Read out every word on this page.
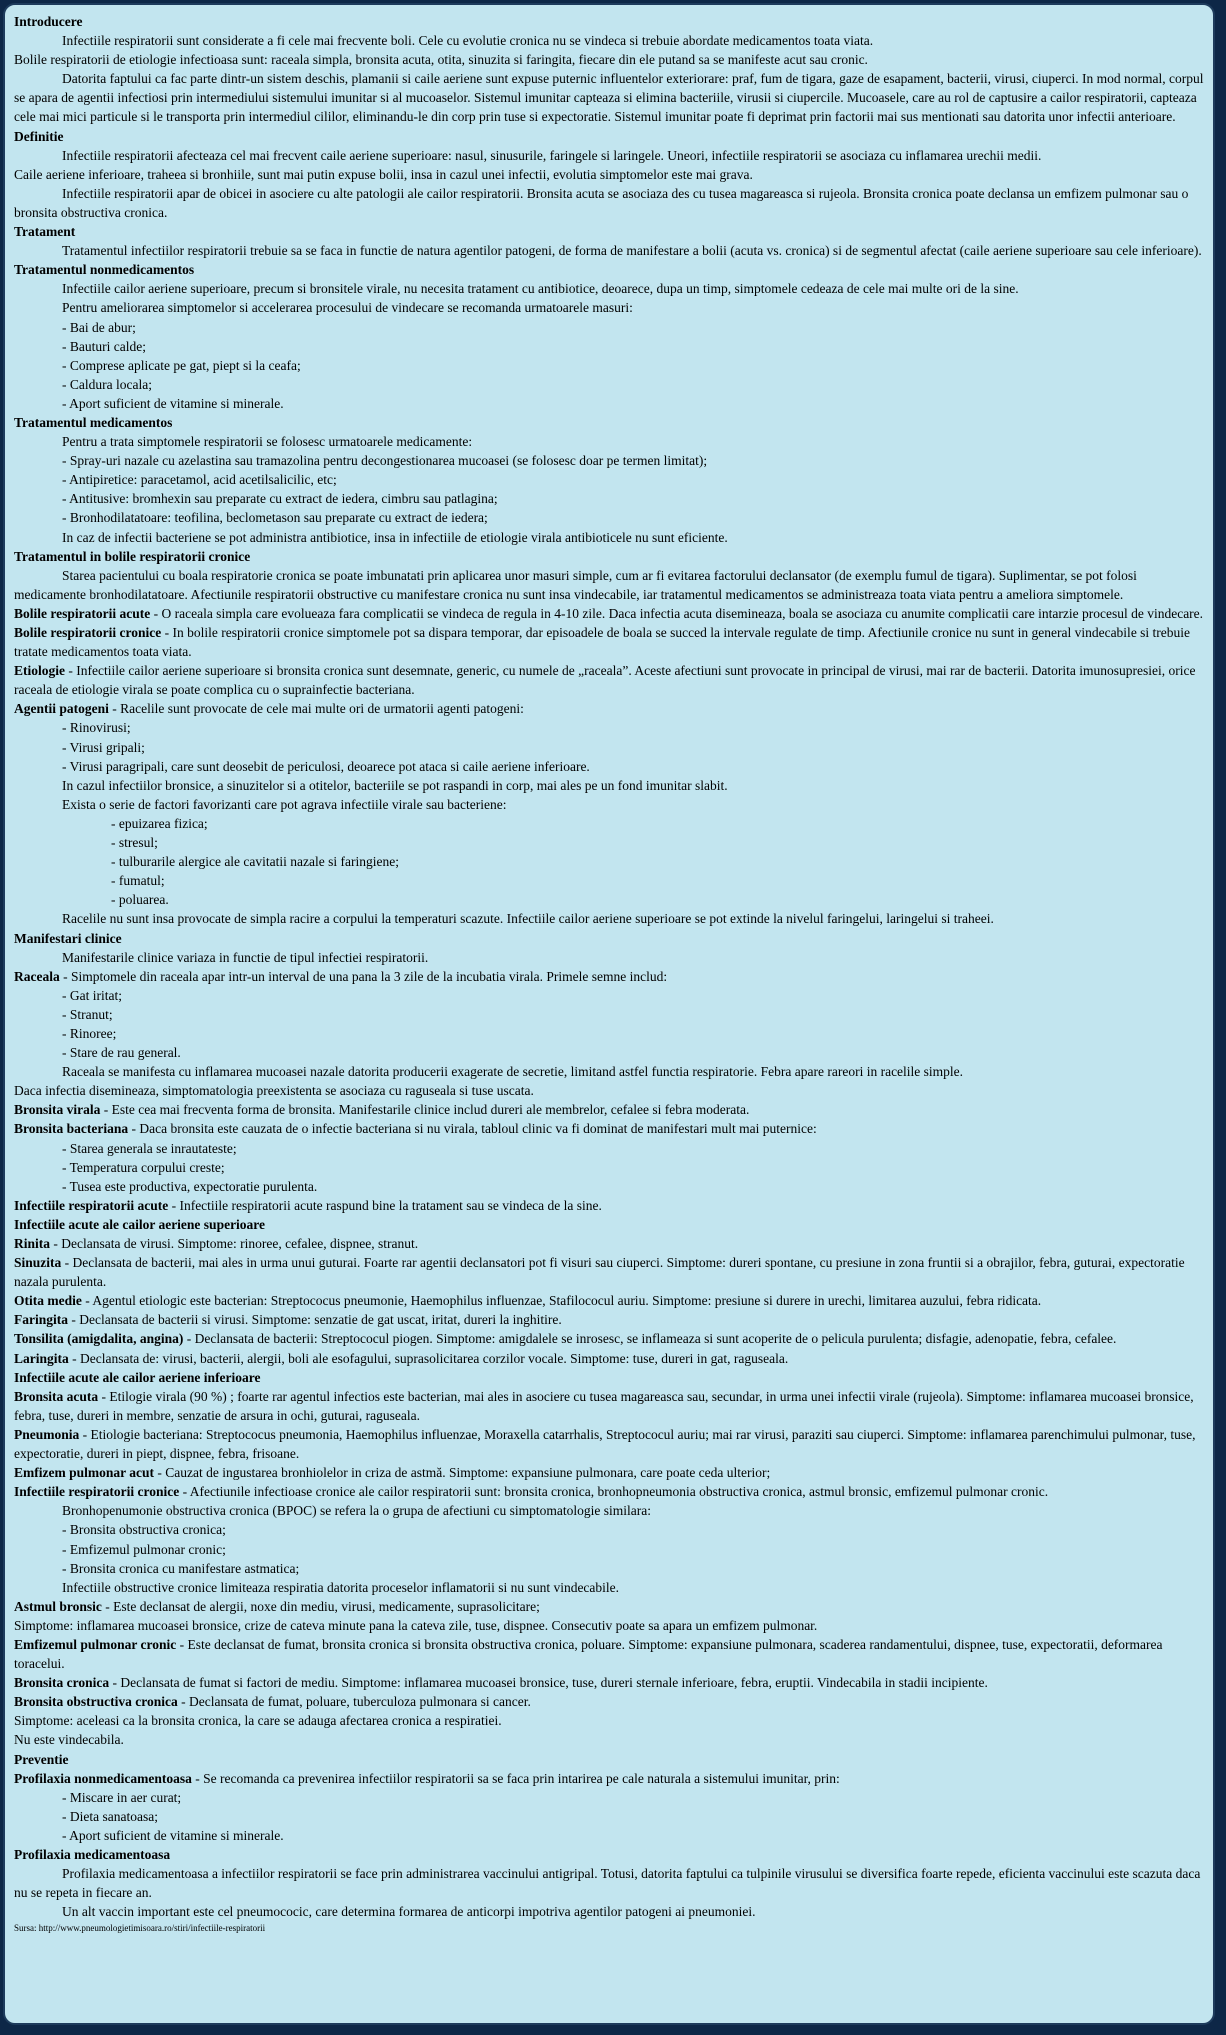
Introducere

Infectiile respiratorii sunt considerate a fi cele mai frecvente boli. Cele cu evolutie cronica nu se vindeca si trebuie abordate medicamentos toata viata.

Bolile respiratorii de etiologie infectioasa sunt: raceala simpla, bronsita acuta, otita, sinuzita si faringita, fiecare din ele putand sa se manifeste acut sau cronic.

Datorita faptului ca fac parte dintr-un sistem deschis, plamanii si caile aeriene sunt expuse puternic influentelor exteriorare: praf, fum de tigara, gaze de esapament, bacterii, virusi, ciuperci. In mod normal, corpul se apara de agentii infectiosi prin intermediului sistemului imunitar si al mucoaselor. Sistemul imunitar capteaza si elimina bacteriile, virusii si ciupercile. Mucoasele, care au rol de captusire a cailor respiratorii, capteaza cele mai mici particule si le transporta prin intermediul cililor, eliminandu-le din corp prin tuse si expectoratie. Sistemul imunitar poate fi deprimat prin factorii mai sus mentionati sau datorita unor infectii anterioare.

Definitie

Infectiile respiratorii afecteaza cel mai frecvent caile aeriene superioare: nasul, sinusurile, faringele si laringele. Uneori, infectiile respiratorii se asociaza cu inflamarea urechii medii.

Caile aeriene inferioare, traheea si bronhiile, sunt mai putin expuse bolii, insa in cazul unei infectii, evolutia simptomelor este mai grava.

Infectiile respiratorii apar de obicei in asociere cu alte patologii ale cailor respiratorii. Bronsita acuta se asociaza des cu tusea magareasca si rujeola. Bronsita cronica poate declansa un emfizem pulmonar sau o bronsita obstructiva cronica.

Tratament

Tratamentul infectiilor respiratorii trebuie sa se faca in functie de natura agentilor patogeni, de forma de manifestare a bolii (acuta vs. cronica) si de segmentul afectat (caile aeriene superioare sau cele inferioare).

Tratamentul nonmedicamentos

Infectiile cailor aeriene superioare, precum si bronsitele virale, nu necesita tratament cu antibiotice, deoarece, dupa un timp, simptomele cedeaza de cele mai multe ori de la sine.

Pentru ameliorarea simptomelor si accelerarea procesului de vindecare se recomanda urmatoarele masuri:

- Bai de abur;

- Bauturi calde;

- Comprese aplicate pe gat, piept si la ceafa;

- Caldura locala;

- Aport suficient de vitamine si minerale.

Tratamentul medicamentos

Pentru a trata simptomele respiratorii se folosesc urmatoarele medicamente:

- Spray-uri nazale cu azelastina sau tramazolina pentru decongestionarea mucoasei (se folosesc doar pe termen limitat);

- Antipiretice: paracetamol, acid acetilsalicilic, etc;

- Antitusive: bromhexin sau preparate cu extract de iedera, cimbru sau patlagina;

- Bronhodilatatoare: teofilina, beclometason sau preparate cu extract de iedera;

In caz de infectii bacteriene se pot administra antibiotice, insa in infectiile de etiologie virala antibioticele nu sunt eficiente.

Tratamentul in bolile respiratorii cronice

Starea pacientului cu boala respiratorie cronica se poate imbunatati prin aplicarea unor masuri simple, cum ar fi evitarea factorului declansator (de exemplu fumul de tigara). Suplimentar, se pot folosi medicamente bronhodilatatoare. Afectiunile respiratorii obstructive cu manifestare cronica nu sunt insa vindecabile, iar tratamentul medicamentos se administreaza toata viata pentru a ameliora simptomele.

Bolile respiratorii acute - O raceala simpla care evolueaza fara complicatii se vindeca de regula in 4-10 zile. Daca infectia acuta disemineaza, boala se asociaza cu anumite complicatii care intarzie procesul de vindecare.

Bolile respiratorii cronice - In bolile respiratorii cronice simptomele pot sa dispara temporar, dar episoadele de boala se succed la intervale regulate de timp. Afectiunile cronice nu sunt in general vindecabile si trebuie tratate medicamentos toata viata.

Etiologie - Infectiile cailor aeriene superioare si bronsita cronica sunt desemnate, generic, cu numele de „raceala”. Aceste afectiuni sunt provocate in principal de virusi, mai rar de bacterii. Datorita imunosupresiei, orice raceala de etiologie virala se poate complica cu o suprainfectie bacteriana.

Agentii patogeni - Racelile sunt provocate de cele mai multe ori de urmatorii agenti patogeni:

- Rinovirusi;

- Virusi gripali;

- Virusi paragripali, care sunt deosebit de periculosi, deoarece pot ataca si caile aeriene inferioare.

In cazul infectiilor bronsice, a sinuzitelor si a otitelor, bacteriile se pot raspandi in corp, mai ales pe un fond imunitar slabit.

Exista o serie de factori favorizanti care pot agrava infectiile virale sau bacteriene:

- epuizarea fizica;

- stresul;

- tulburarile alergice ale cavitatii nazale si faringiene;

- fumatul;

- poluarea.

Racelile nu sunt insa provocate de simpla racire a corpului la temperaturi scazute. Infectiile cailor aeriene superioare se pot extinde la nivelul faringelui, laringelui si traheei.

Manifestari clinice

Manifestarile clinice variaza in functie de tipul infectiei respiratorii.

Raceala - Simptomele din raceala apar intr-un interval de una pana la 3 zile de la incubatia virala. Primele semne includ:

- Gat iritat;

- Stranut;

- Rinoree;

- Stare de rau general.

Raceala se manifesta cu inflamarea mucoasei nazale datorita producerii exagerate de secretie, limitand astfel functia respiratorie. Febra apare rareori in racelile simple.

Daca infectia disemineaza, simptomatologia preexistenta se asociaza cu raguseala si tuse uscata.

Bronsita virala - Este cea mai frecventa forma de bronsita. Manifestarile clinice includ dureri ale membrelor, cefalee si febra moderata.

Bronsita bacteriana - Daca bronsita este cauzata de o infectie bacteriana si nu virala, tabloul clinic va fi dominat de manifestari mult mai puternice:

- Starea generala se inrautateste;

- Temperatura corpului creste;

- Tusea este productiva, expectoratie purulenta.

Infectiile respiratorii acute - Infectiile respiratorii acute raspund bine la tratament sau se vindeca de la sine.

Infectiile acute ale cailor aeriene superioare

Rinita - Declansata de virusi. Simptome: rinoree, cefalee, dispnee, stranut.

Sinuzita - Declansata de bacterii, mai ales in urma unui guturai. Foarte rar agentii declansatori pot fi visuri sau ciuperci. Simptome: dureri spontane, cu presiune in zona fruntii si a obrajilor, febra, guturai, expectoratie nazala purulenta.

Otita medie - Agentul etiologic este bacterian: Streptococus pneumonie, Haemophilus influenzae, Stafilococul auriu. Simptome: presiune si durere in urechi, limitarea auzului, febra ridicata.

Faringita - Declansata de bacterii si virusi. Simptome: senzatie de gat uscat, iritat, dureri la inghitire.

Tonsilita (amigdalita, angina) - Declansata de bacterii: Streptococul piogen. Simptome: amigdalele se inrosesc, se inflameaza si sunt acoperite de o pelicula purulenta; disfagie, adenopatie, febra, cefalee.

Laringita - Declansata de: virusi, bacterii, alergii, boli ale esofagului, suprasolicitarea corzilor vocale. Simptome: tuse, dureri in gat, raguseala.

Infectiile acute ale cailor aeriene inferioare

Bronsita acuta - Etilogie virala (90 %) ; foarte rar agentul infectios este bacterian, mai ales in asociere cu tusea magareasca sau, secundar, in urma unei infectii virale (rujeola). Simptome: inflamarea mucoasei bronsice, febra, tuse, dureri in membre, senzatie de arsura in ochi, guturai, raguseala.

Pneumonia - Etiologie bacteriana: Streptococus pneumonia, Haemophilus influenzae, Moraxella catarrhalis, Streptococul auriu; mai rar virusi, paraziti sau ciuperci. Simptome: inflamarea parenchimului pulmonar, tuse, expectoratie, dureri in piept, dispnee, febra, frisoane.

Emfizem pulmonar acut - Cauzat de ingustarea bronhiolelor in criza de astmă. Simptome: expansiune pulmonara, care poate ceda ulterior;

Infectiile respiratorii cronice - Afectiunile infectioase cronice ale cailor respiratorii sunt: bronsita cronica, bronhopneumonia obstructiva cronica, astmul bronsic, emfizemul pulmonar cronic.

Bronhopenumonie obstructiva cronica (BPOC) se refera la o grupa de afectiuni cu simptomatologie similara:

- Bronsita obstructiva cronica;

- Emfizemul pulmonar cronic;

- Bronsita cronica cu manifestare astmatica;

Infectiile obstructive cronice limiteaza respiratia datorita proceselor inflamatorii si nu sunt vindecabile.

Astmul bronsic - Este declansat de alergii, noxe din mediu, virusi, medicamente, suprasolicitare;

Simptome: inflamarea mucoasei bronsice, crize de cateva minute pana la cateva zile, tuse, dispnee. Consecutiv poate sa apara un emfizem pulmonar.

Emfizemul pulmonar cronic - Este declansat de fumat, bronsita cronica si bronsita obstructiva cronica, poluare. Simptome: expansiune pulmonara, scaderea randamentului, dispnee, tuse, expectoratii, deformarea toracelui.

Bronsita cronica - Declansata de fumat si factori de mediu. Simptome: inflamarea mucoasei bronsice, tuse, dureri sternale inferioare, febra, eruptii. Vindecabila in stadii incipiente.

Bronsita obstructiva cronica - Declansata de fumat, poluare, tuberculoza pulmonara si cancer.

Simptome: aceleasi ca la bronsita cronica, la care se adauga afectarea cronica a respiratiei.

Nu este vindecabila.

Preventie

Profilaxia nonmedicamentoasa - Se recomanda ca prevenirea infectiilor respiratorii sa se faca prin intarirea pe cale naturala a sistemului imunitar, prin:

- Miscare in aer curat;

- Dieta sanatoasa;

- Aport suficient de vitamine si minerale.

Profilaxia medicamentoasa

Profilaxia medicamentoasa a infectiilor respiratorii se face prin administrarea vaccinului antigripal. Totusi, datorita faptului ca tulpinile virusului se diversifica foarte repede, eficienta vaccinului este scazuta daca nu se repeta in fiecare an.

Un alt vaccin important este cel pneumococic, care determina formarea de anticorpi impotriva agentilor patogeni ai pneumoniei.

Sursa: http://www.pneumologietimisoara.ro/stiri/infectiile-respiratorii
